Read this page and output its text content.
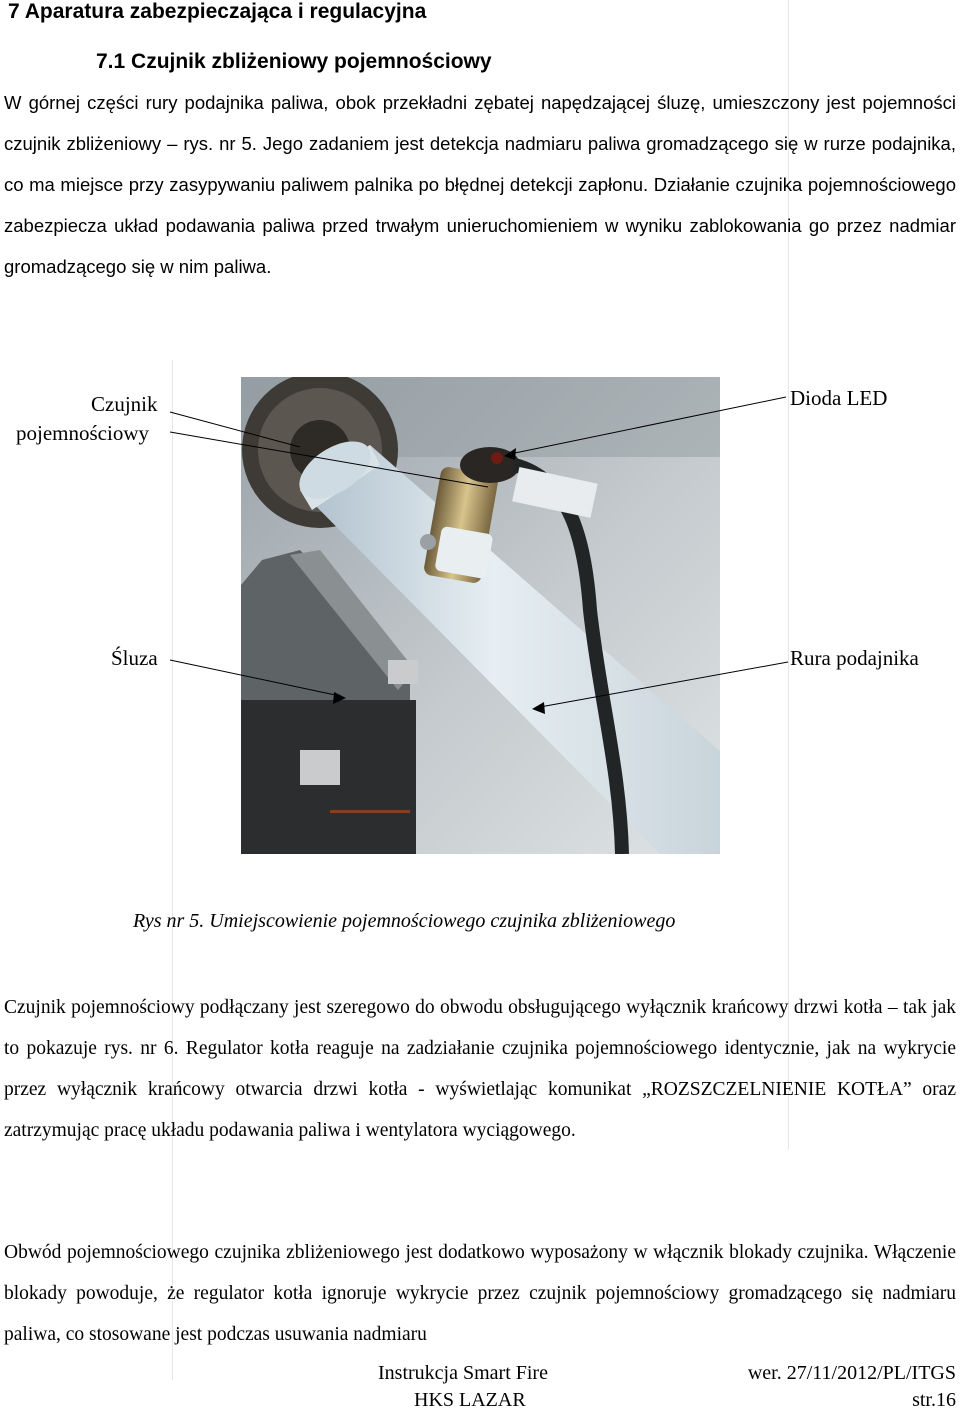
7 Aparatura zabezpieczająca i regulacyjna
7.1 Czujnik zbliżeniowy pojemnościowy
W górnej części rury podajnika paliwa, obok przekładni zębatej napędzającej śluzę, umieszczony jest pojemności czujnik zbliżeniowy – rys. nr 5. Jego zadaniem jest detekcja nadmiaru paliwa gromadzącego się w rurze podajnika, co ma miejsce przy zasypywaniu paliwem palnika po błędnej detekcji zapłonu. Działanie czujnika pojemnościowego zabezpiecza układ podawania paliwa przed trwałym unieruchomieniem w wyniku zablokowania go przez nadmiar gromadzącego się w nim paliwa.
Czujnik
pojemnościowy
Dioda LED
Śluza	Rura podajnika
Rys nr 5. Umiejscowienie pojemnościowego czujnika zbliżeniowego
Czujnik pojemnościowy podłączany jest szeregowo do obwodu obsługującego wyłącznik krańcowy drzwi kotła – tak jak to pokazuje rys. nr 6. Regulator kotła reaguje na zadziałanie czujnika pojemnościowego identycznie, jak na wykrycie przez wyłącznik krańcowy otwarcia drzwi kotła - wyświetlając komunikat „ROZSZCZELNIENIE KOTŁA” oraz zatrzymując pracę układu podawania paliwa i wentylatora wyciągowego.
Obwód pojemnościowego czujnika zbliżeniowego jest dodatkowo wyposażony w włącznik blokady czujnika. Włączenie blokady powoduje, że regulator kotła ignoruje wykrycie przez czujnik pojemnościowy gromadzącego się nadmiaru paliwa, co stosowane jest podczas usuwania nadmiaru
Instrukcja Smart Fire
HKS LAZAR
wer. 27/11/2012/PL/ITGS
str.16
